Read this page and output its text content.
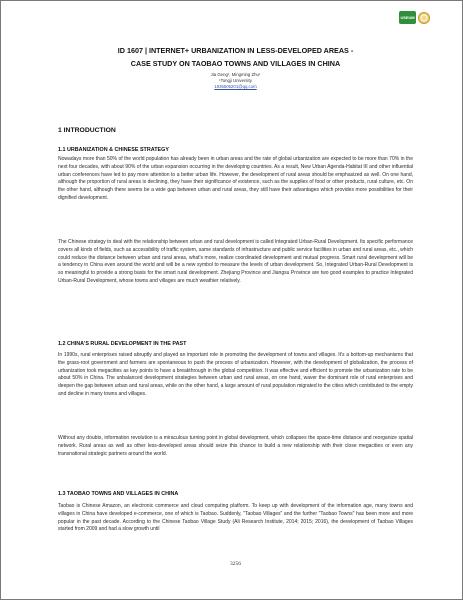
USEUM
ID 1607 | INTERNET+ URBANIZATION IN LESS-DEVELOPED AREAS -
CASE STUDY ON TAOBAO TOWNS AND VILLAGES IN CHINA
Jia Geng¹, Mingming Zhu¹
¹Tongji University
1935506201@qq.com
1 INTRODUCTION
1.1 URBANIZATION & CHINESE STRATEGY

Nowadays more than 50% of the world population has already been in urban areas and the rate of global urbanization are expected to be more than 70% in the next four decades, with about 90% of the urban expansion occurring in the developing countries. As a result, New Urban Agenda-Habitat III and other influential urban conferences have led to pay more attention to a better urban life. However, the development of rural areas should be emphasized as well. On one hand, although the proportion of rural areas is declining, they have their significance of existence, such as the supplies of food or other products, rural culture, etc. On the other hand, although there seems be a wide gap between urban and rural areas, they still have their advantages which provides more possibilities for their dignified development.

The Chinese strategy to deal with the relationship between urban and rural development is called Integrated Urban-Rural Development. Its specific performance covers all kinds of fields, such as accessibility of traffic system, same standards of infrastructure and public service facilities in urban and rural areas, etc., which could reduce the distance between urban and rural areas, what's more, realize coordinated development and mutual progress. Smart rural development will be a tendency in China even around the world and will be a new symbol to measure the levels of urban development. So, Integrated Urban-Rural Development is so meaningful to provide a strong basis for the smart rural development. Zhejiang Province and Jiangsu Province are two good examples to practice Integrated Urban-Rural Development, whose towns and villages are much weathier relatively.

1.2 CHINA'S RURAL DEVELOPMENT IN THE PAST

In 1990s, rural enterprises raised abruptly and played an important role in promoting the development of towns and villages. It's a bottom-up mechanisms that the grass-root government and farmers are spontaneous to push the process of urbanization. However, with the development of globalization, the process of urbanization took megacities as key points to have a breakthrough in the global competition. It was effective and efficient to promote the urbanization rate to be about 50% in China. The unbalanced development strategies between urban and rural areas, on one hand, waver the dominant role of rural enterprises and deepen the gap between urban and rural areas, while on the other hand, a large amount of rural population migrated to the cities which contributed to the empty and decline in many towns and villages.

Without any doubts, information revolution is a miraculous turning point in global development, which collapses the space-time distance and reorganize spatial network. Rural areas as well as other less-developed areas should seize this chance to build a new relationship with their close megacities or even any transnational strategic partners around the world.

1.3 TAOBAO TOWNS AND VILLAGES IN CHINA

Taobao is Chinese Amazon, an electronic commerce and cloud computing platform. To keep up with development of the information age, many towns and villages in China have developed e-commerce, one of which is Taobao. Suddenly, "Taobao Villages" and the further "Taobao Towns" has been more and more popular in the past decade. According to the Chinese Taobao Village Study (Ali Research Institute, 2014; 2015; 2016), the development of Taobao Villages started from 2009 and had a slow growth until

3256
